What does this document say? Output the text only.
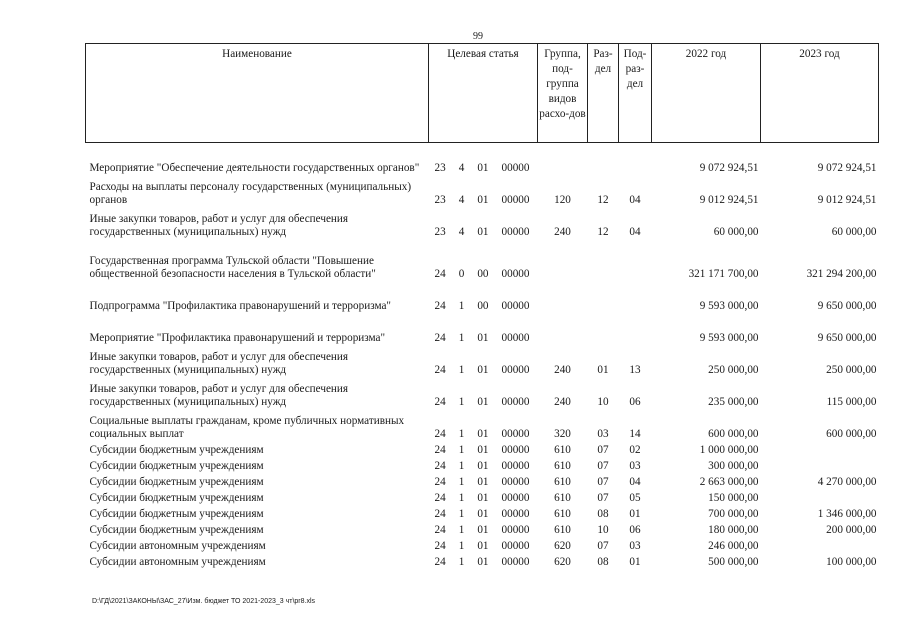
99
Наименование	Целевая статья	Группа, под-группа видов расхо-дов	Раз-дел	Под-раз-дел	2022 год	2023 год
Мероприятие "Обеспечение деятельности государственных органов"	23 4 01 00000				9 072 924,51	9 072 924,51
Расходы на выплаты персоналу государственных (муниципальных) органов	23 4 01 00000	120	12	04	9 012 924,51	9 012 924,51
Иные закупки товаров, работ и услуг для обеспечения государственных (муниципальных) нужд	23 4 01 00000	240	12	04	60 000,00	60 000,00
Государственная программа Тульской области "Повышение общественной безопасности населения в Тульской области"	24 0 00 00000				321 171 700,00	321 294 200,00
Подпрограмма "Профилактика правонарушений и терроризма"	24 1 00 00000				9 593 000,00	9 650 000,00
Мероприятие "Профилактика правонарушений и терроризма"	24 1 01 00000				9 593 000,00	9 650 000,00
Иные закупки товаров, работ и услуг для обеспечения государственных (муниципальных) нужд	24 1 01 00000	240	01	13	250 000,00	250 000,00
Иные закупки товаров, работ и услуг для обеспечения государственных (муниципальных) нужд	24 1 01 00000	240	10	06	235 000,00	115 000,00
Социальные выплаты гражданам, кроме публичных нормативных социальных выплат	24 1 01 00000	320	03	14	600 000,00	600 000,00
Субсидии бюджетным учреждениям	24 1 01 00000	610	07	02	1 000 000,00	
Субсидии бюджетным учреждениям	24 1 01 00000	610	07	03	300 000,00	
Субсидии бюджетным учреждениям	24 1 01 00000	610	07	04	2 663 000,00	4 270 000,00
Субсидии бюджетным учреждениям	24 1 01 00000	610	07	05	150 000,00	
Субсидии бюджетным учреждениям	24 1 01 00000	610	08	01	700 000,00	1 346 000,00
Субсидии бюджетным учреждениям	24 1 01 00000	610	10	06	180 000,00	200 000,00
Субсидии автономным учреждениям	24 1 01 00000	620	07	03	246 000,00	
Субсидии автономным учреждениям	24 1 01 00000	620	08	01	500 000,00	100 000,00
D:\ГД\2021\ЗАКОНЫ\ЗАС_27\Изм. бюджет ТО 2021-2023_3 чт\pr8.xls
